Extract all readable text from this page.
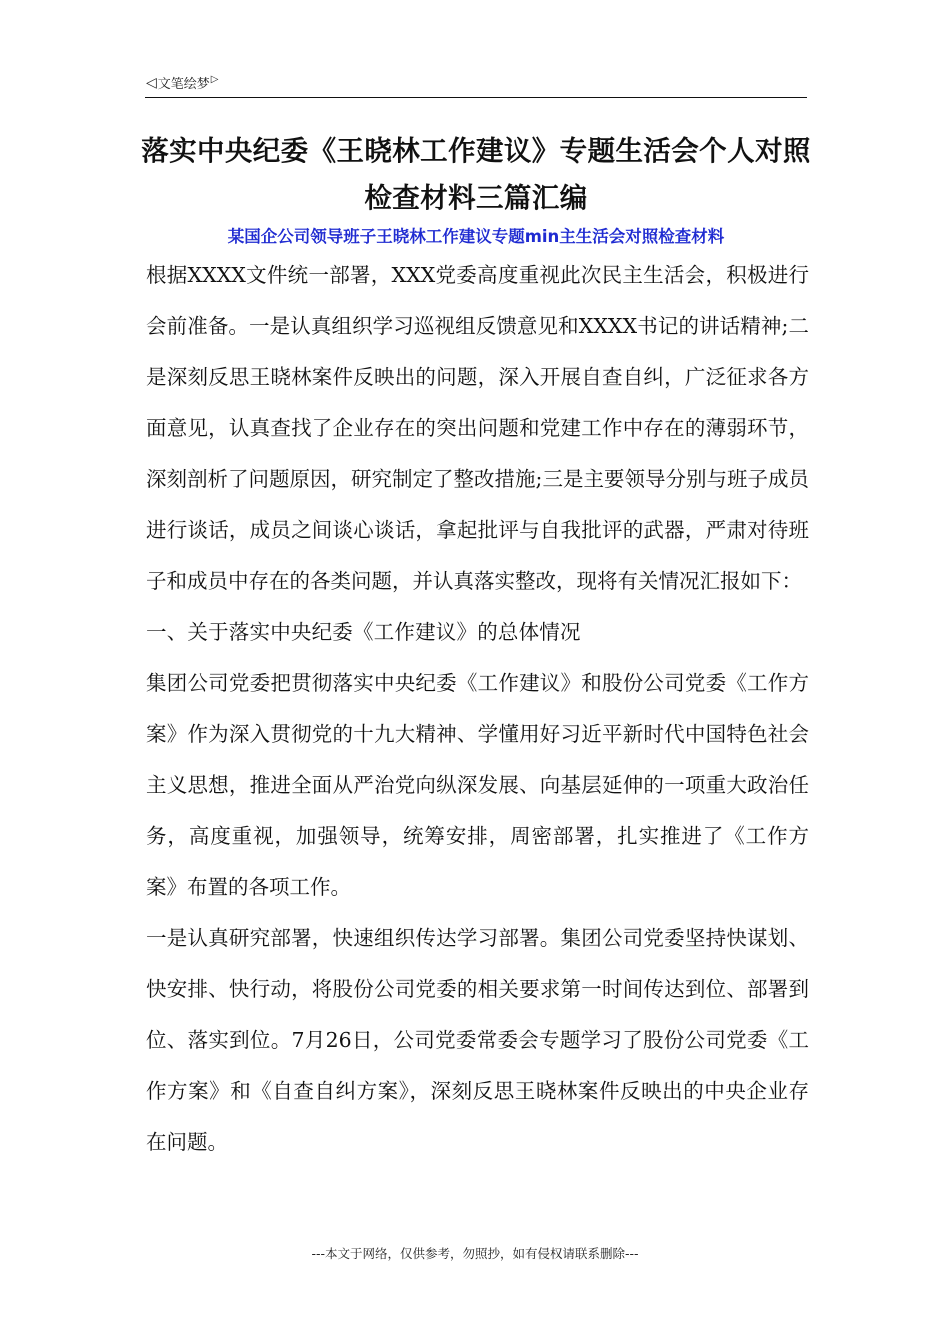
◁ 文笔绘梦 ▷
落实中央纪委《王晓林工作建议》专题生活会个人对照检查材料三篇汇编
某国企公司领导班子王晓林工作建议专题min主生活会对照检查材料

根据XXXX文件统一部署，XXX党委高度重视此次民主生活会，积极进行会前准备。一是认真组织学习巡视组反馈意见和XXXX书记的讲话精神;二是深刻反思王晓林案件反映出的问题，深入开展自查自纠，广泛征求各方面意见，认真查找了企业存在的突出问题和党建工作中存在的薄弱环节，深刻剖析了问题原因，研究制定了整改措施;三是主要领导分别与班子成员进行谈话，成员之间谈心谈话，拿起批评与自我批评的武器，严肃对待班子和成员中存在的各类问题，并认真落实整改，现将有关情况汇报如下：

一、关于落实中央纪委《工作建议》的总体情况

集团公司党委把贯彻落实中央纪委《工作建议》和股份公司党委《工作方案》作为深入贯彻党的十九大精神、学懂用好习近平新时代中国特色社会主义思想，推进全面从严治党向纵深发展、向基层延伸的一项重大政治任务，高度重视，加强领导，统筹安排，周密部署，扎实推进了《工作方案》布置的各项工作。

一是认真研究部署，快速组织传达学习部署。集团公司党委坚持快谋划、快安排、快行动，将股份公司党委的相关要求第一时间传达到位、部署到位、落实到位。7月26日，公司党委常委会专题学习了股份公司党委《工作方案》和《自查自纠方案》，深刻反思王晓林案件反映出的中央企业存在问题。

---本文于网络，仅供参考，勿照抄，如有侵权请联系删除---
